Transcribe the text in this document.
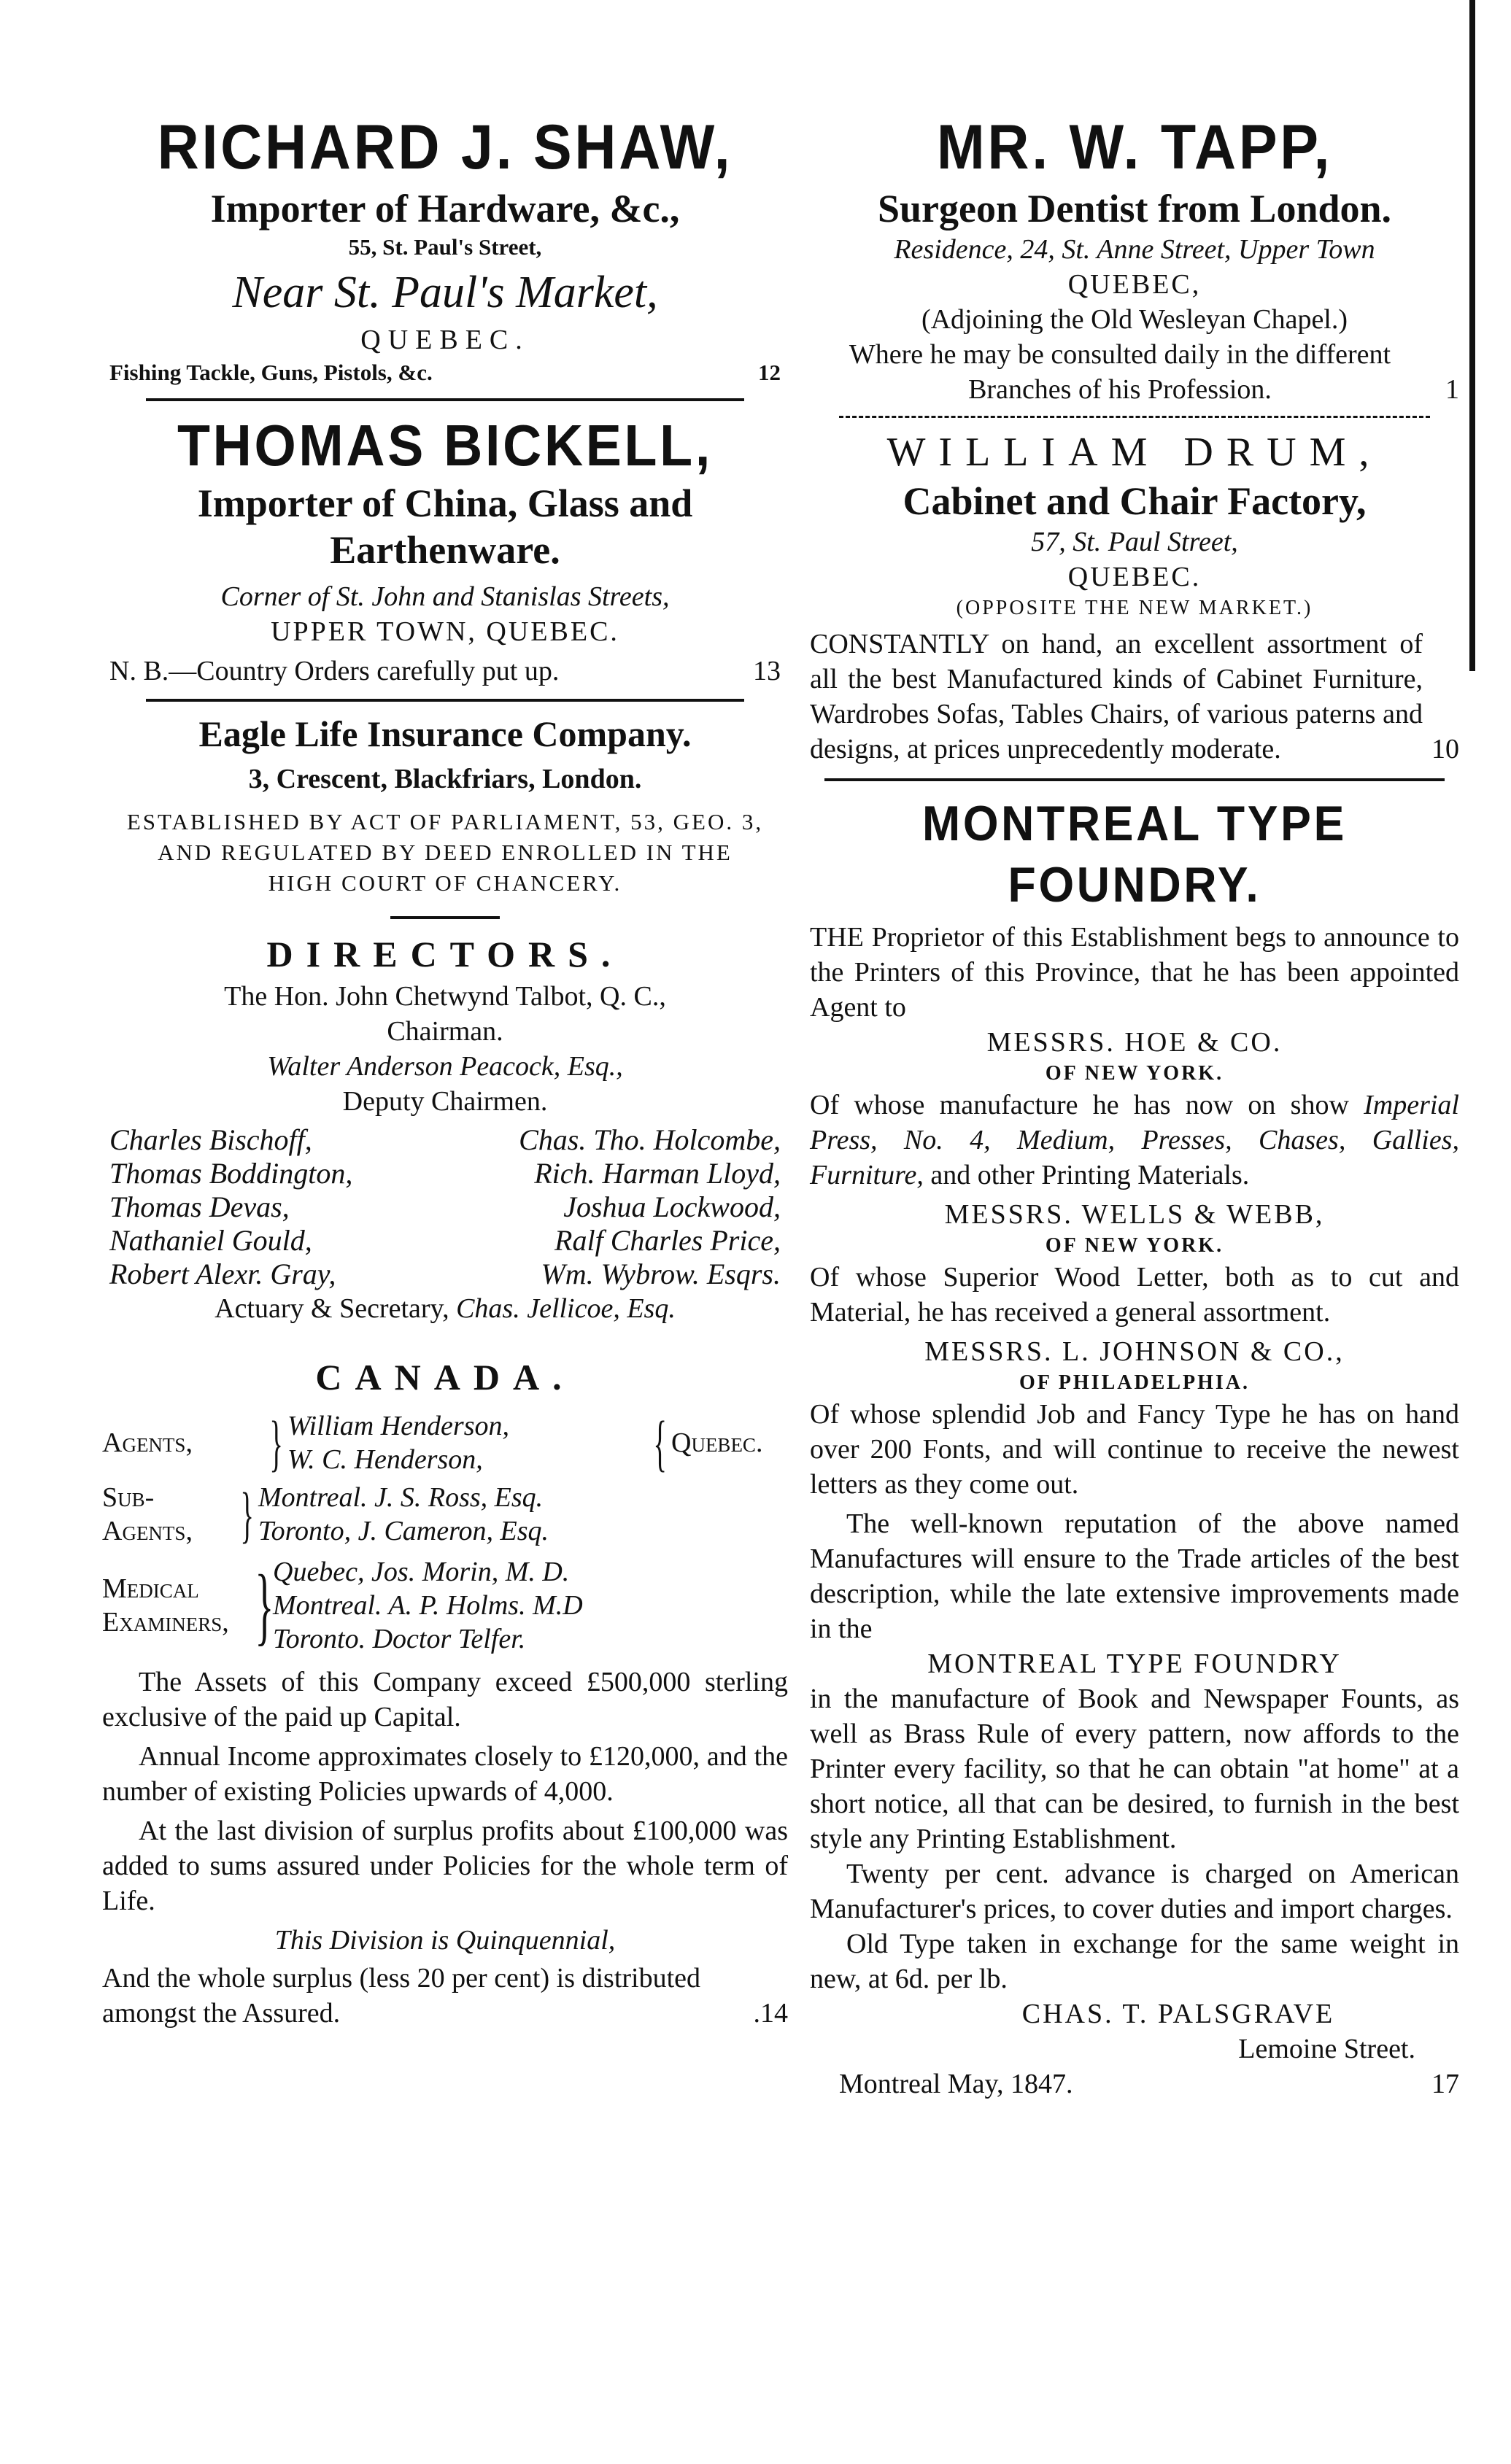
RICHARD J. SHAW,
Importer of Hardware, &c.,
55, St. Paul's Street,
Near St. Paul's Market,
QUEBEC.
Fishing Tackle, Guns, Pistols, &c.	12
THOMAS BICKELL,
Importer of China, Glass and
Earthenware.
Corner of St. John and Stanislas Streets,
UPPER TOWN, QUEBEC.
N. B.—Country Orders carefully put up.	13
Eagle Life Insurance Company.
3, Crescent, Blackfriars, London.
ESTABLISHED BY ACT OF PARLIAMENT, 53, GEO. 3, AND REGULATED BY DEED ENROLLED IN THE HIGH COURT OF CHANCERY.
DIRECTORS.
The Hon. John Chetwynd Talbot, Q. C.,
Chairman.
Walter Anderson Peacock, Esq.,
Deputy Chairmen.
Charles Bischoff,	Chas. Tho. Holcombe,
Thomas Boddington,	Rich. Harman Lloyd,
Thomas Devas,	Joshua Lockwood,
Nathaniel Gould,	Ralf Charles Price,
Robert Alexr. Gray,	Wm. Wybrow. Esqrs.
Actuary & Secretary, Chas. Jellicoe, Esq.
CANADA.
Agents,	} William Henderson,
W. C. Henderson,	{ Quebec.
Sub-
Agents, } Montreal. J. S. Ross, Esq.
Toronto, J. Cameron, Esq.
Medical
Examiners, }
Quebec, Jos. Morin, M. D.
Montreal. A. P. Holms. M.D
Toronto. Doctor Telfer.
The Assets of this Company exceed £500,000 sterling exclusive of the paid up Capital.
Annual Income approximates closely to £120,000, and the number of existing Policies upwards of 4,000.
At the last division of surplus profits about £100,000 was added to sums assured under Policies for the whole term of Life.
This Division is Quinquennial,
And the whole surplus (less 20 per cent) is distributed amongst the Assured.	.14
MR. W. TAPP,
Surgeon Dentist from London.
Residence, 24, St. Anne Street, Upper Town
QUEBEC,
(Adjoining the Old Wesleyan Chapel.)
Where he may be consulted daily in the different Branches of his Profession.	1
WILLIAM DRUM,
Cabinet and Chair Factory,
57, St. Paul Street,
QUEBEC.
(OPPOSITE THE NEW MARKET.)
CONSTANTLY on hand, an excellent assortment of all the best Manufactured kinds of Cabinet Furniture, Wardrobes Sofas, Tables Chairs, of various paterns and designs, at prices unprecedently moderate.	10
MONTREAL TYPE FOUNDRY.
THE Proprietor of this Establishment begs to announce to the Printers of this Province, that he has been appointed Agent to
MESSRS. HOE & CO.
OF NEW YORK.
Of whose manufacture he has now on show Imperial Press, No. 4, Medium, Presses, Chases, Gallies, Furniture, and other Printing Materials.
MESSRS. WELLS & WEBB,
OF NEW YORK.
Of whose Superior Wood Letter, both as to cut and Material, he has received a general assortment.
MESSRS. L. JOHNSON & CO.,
OF PHILADELPHIA.
Of whose splendid Job and Fancy Type he has on hand over 200 Fonts, and will continue to receive the newest letters as they come out.
The well-known reputation of the above named Manufactures will ensure to the Trade articles of the best description, while the late extensive improvements made in the
MONTREAL TYPE FOUNDRY
in the manufacture of Book and Newspaper Founts, as well as Brass Rule of every pattern, now affords to the Printer every facility, so that he can obtain "at home" at a short notice, all that can be desired, to furnish in the best style any Printing Establishment.
Twenty per cent. advance is charged on American Manufacturer's prices, to cover duties and import charges.
Old Type taken in exchange for the same weight in new, at 6d. per lb.
CHAS. T. PALSGRAVE
Lemoine Street.
Montreal May, 1847.	17
